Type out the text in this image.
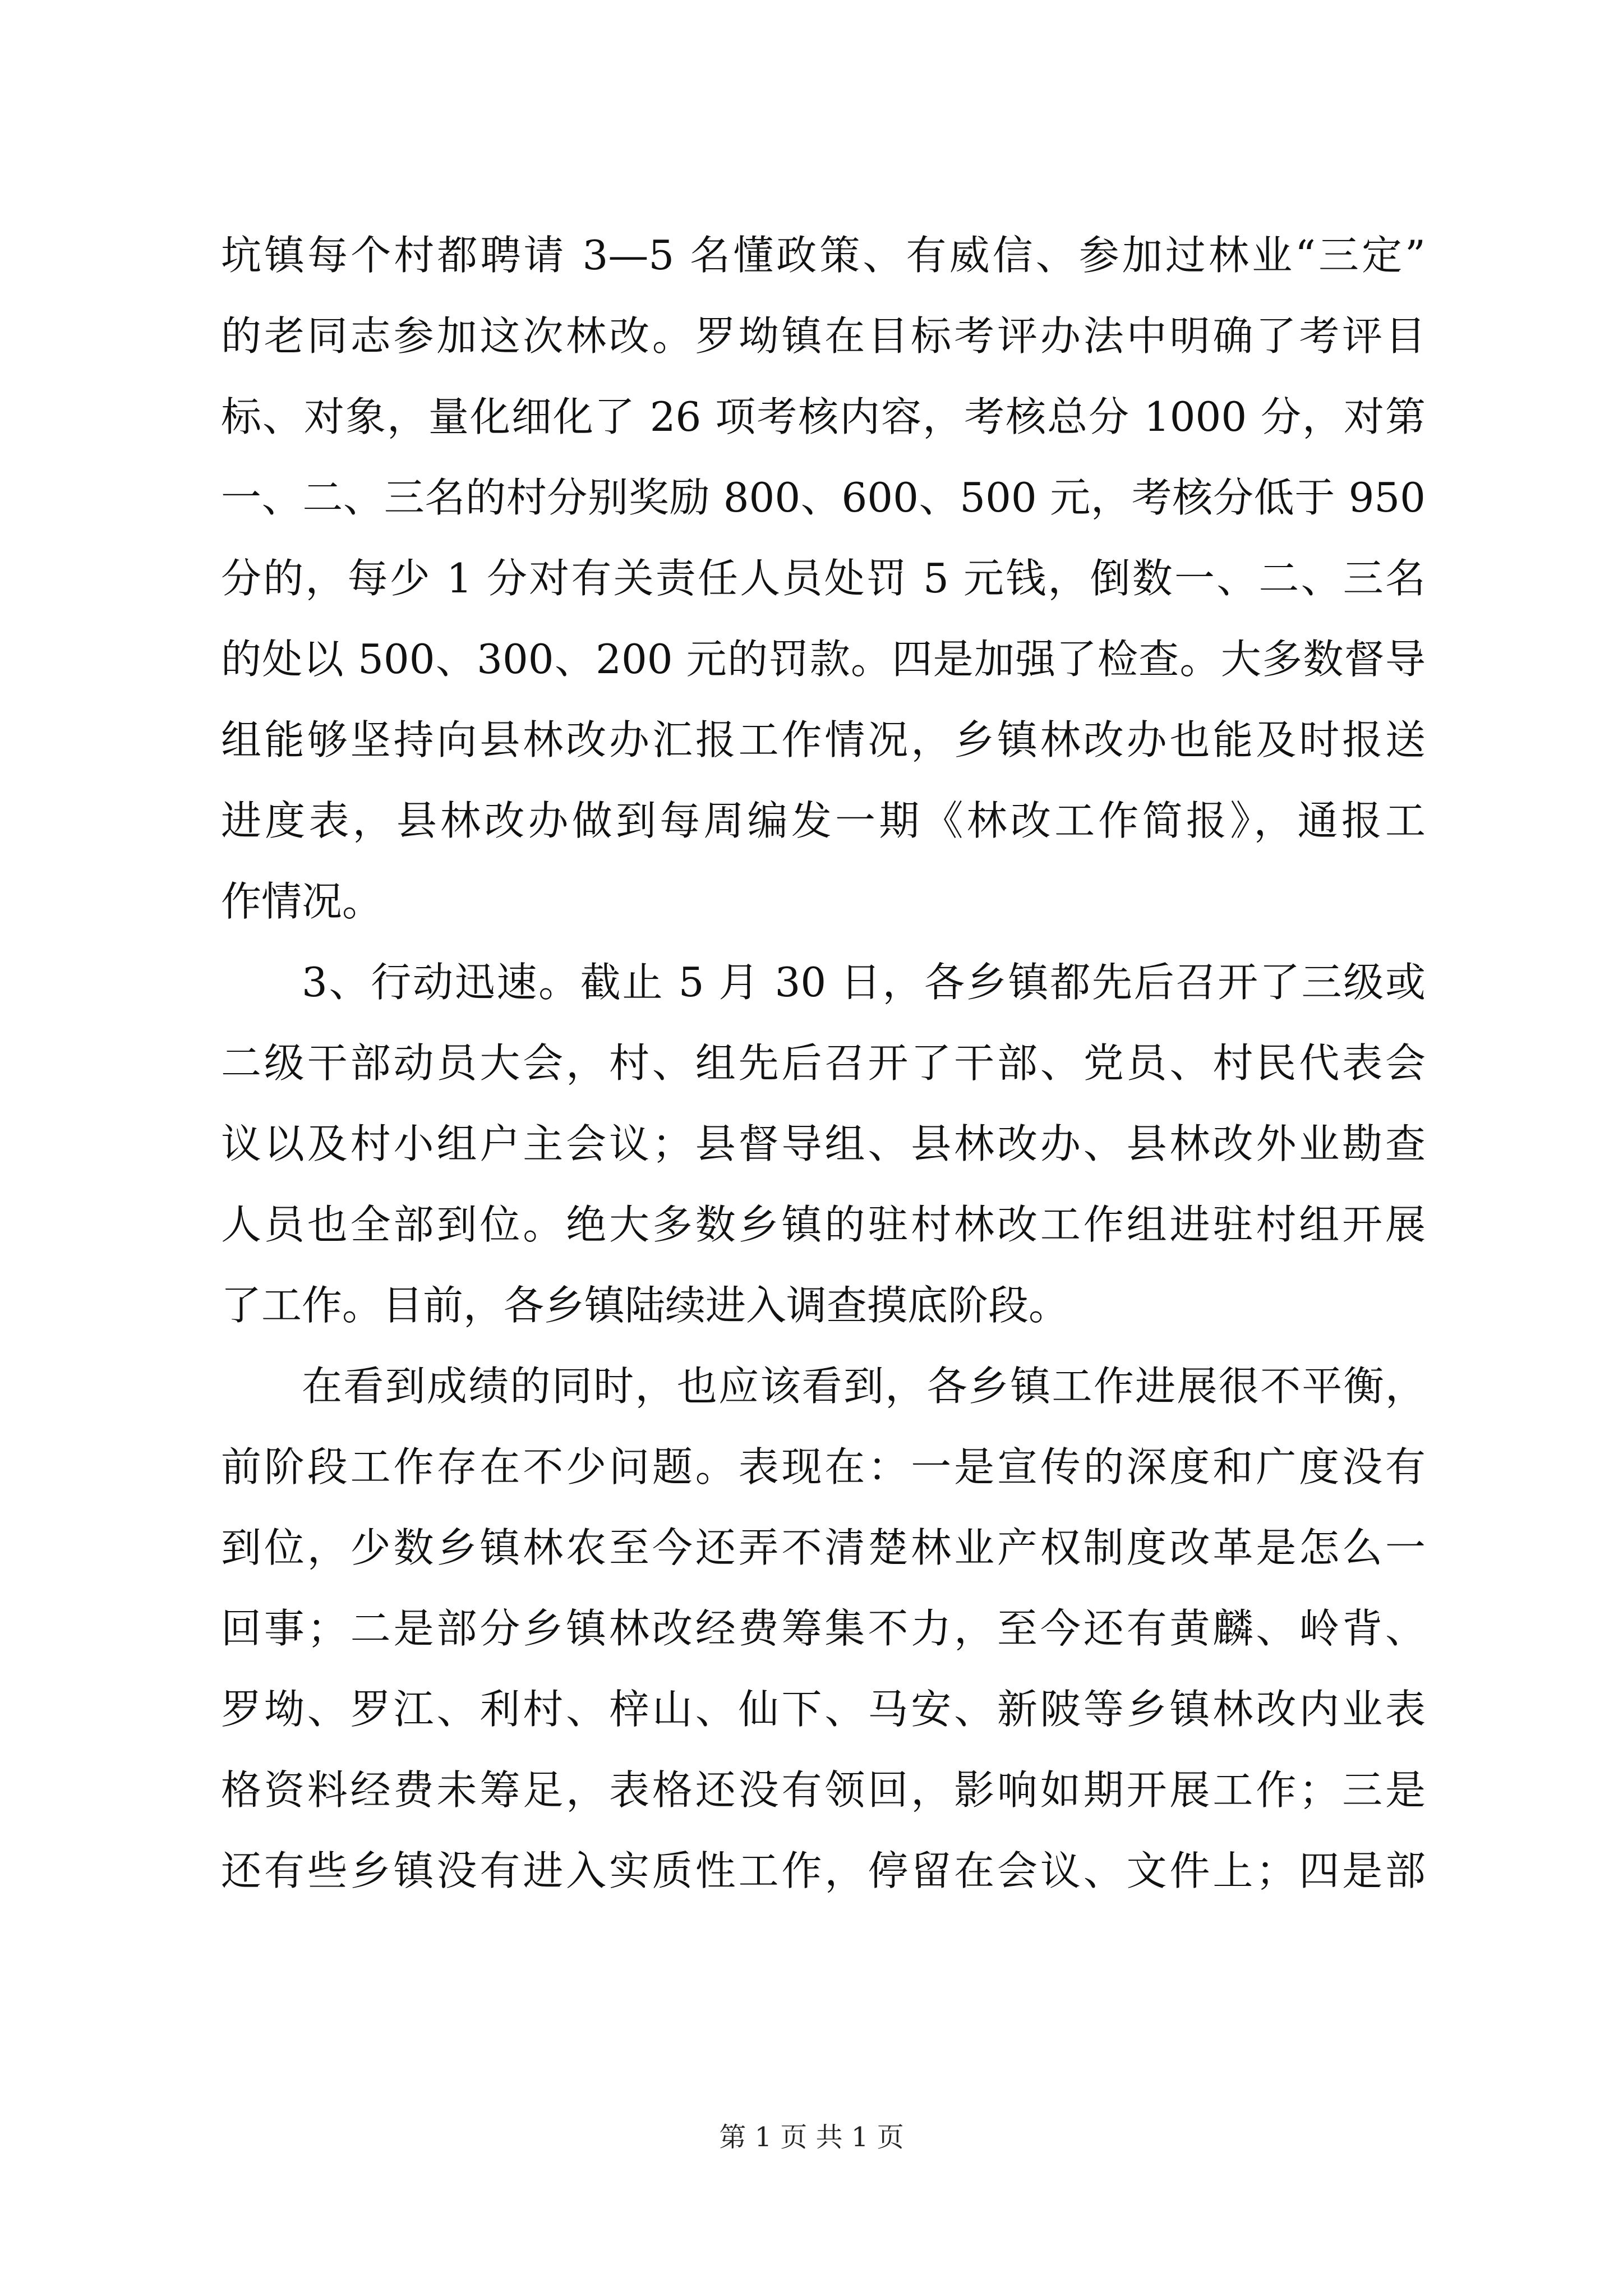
坑镇每个村都聘请 3—5 名懂政策、有威信、参加过林业“三定”
的老同志参加这次林改。罗坳镇在目标考评办法中明确了考评目
标、对象，量化细化了 26 项考核内容，考核总分 1000 分，对第
一、二、三名的村分别奖励 800、600、500 元，考核分低于 950
分的，每少 1 分对有关责任人员处罚 5 元钱，倒数一、二、三名
的处以 500、300、200 元的罚款。四是加强了检查。大多数督导
组能够坚持向县林改办汇报工作情况，乡镇林改办也能及时报送
进度表，县林改办做到每周编发一期《林改工作简报》，通报工
作情况。
3、行动迅速。截止 5 月 30 日，各乡镇都先后召开了三级或
二级干部动员大会，村、组先后召开了干部、党员、村民代表会
议以及村小组户主会议；县督导组、县林改办、县林改外业勘查
人员也全部到位。绝大多数乡镇的驻村林改工作组进驻村组开展
了工作。目前，各乡镇陆续进入调查摸底阶段。
在看到成绩的同时，也应该看到，各乡镇工作进展很不平衡，
前阶段工作存在不少问题。表现在：一是宣传的深度和广度没有
到位，少数乡镇林农至今还弄不清楚林业产权制度改革是怎么一
回事；二是部分乡镇林改经费筹集不力，至今还有黄麟、岭背、
罗坳、罗江、利村、梓山、仙下、马安、新陂等乡镇林改内业表
格资料经费未筹足，表格还没有领回，影响如期开展工作；三是
还有些乡镇没有进入实质性工作，停留在会议、文件上；四是部
第 1 页 共 1 页
